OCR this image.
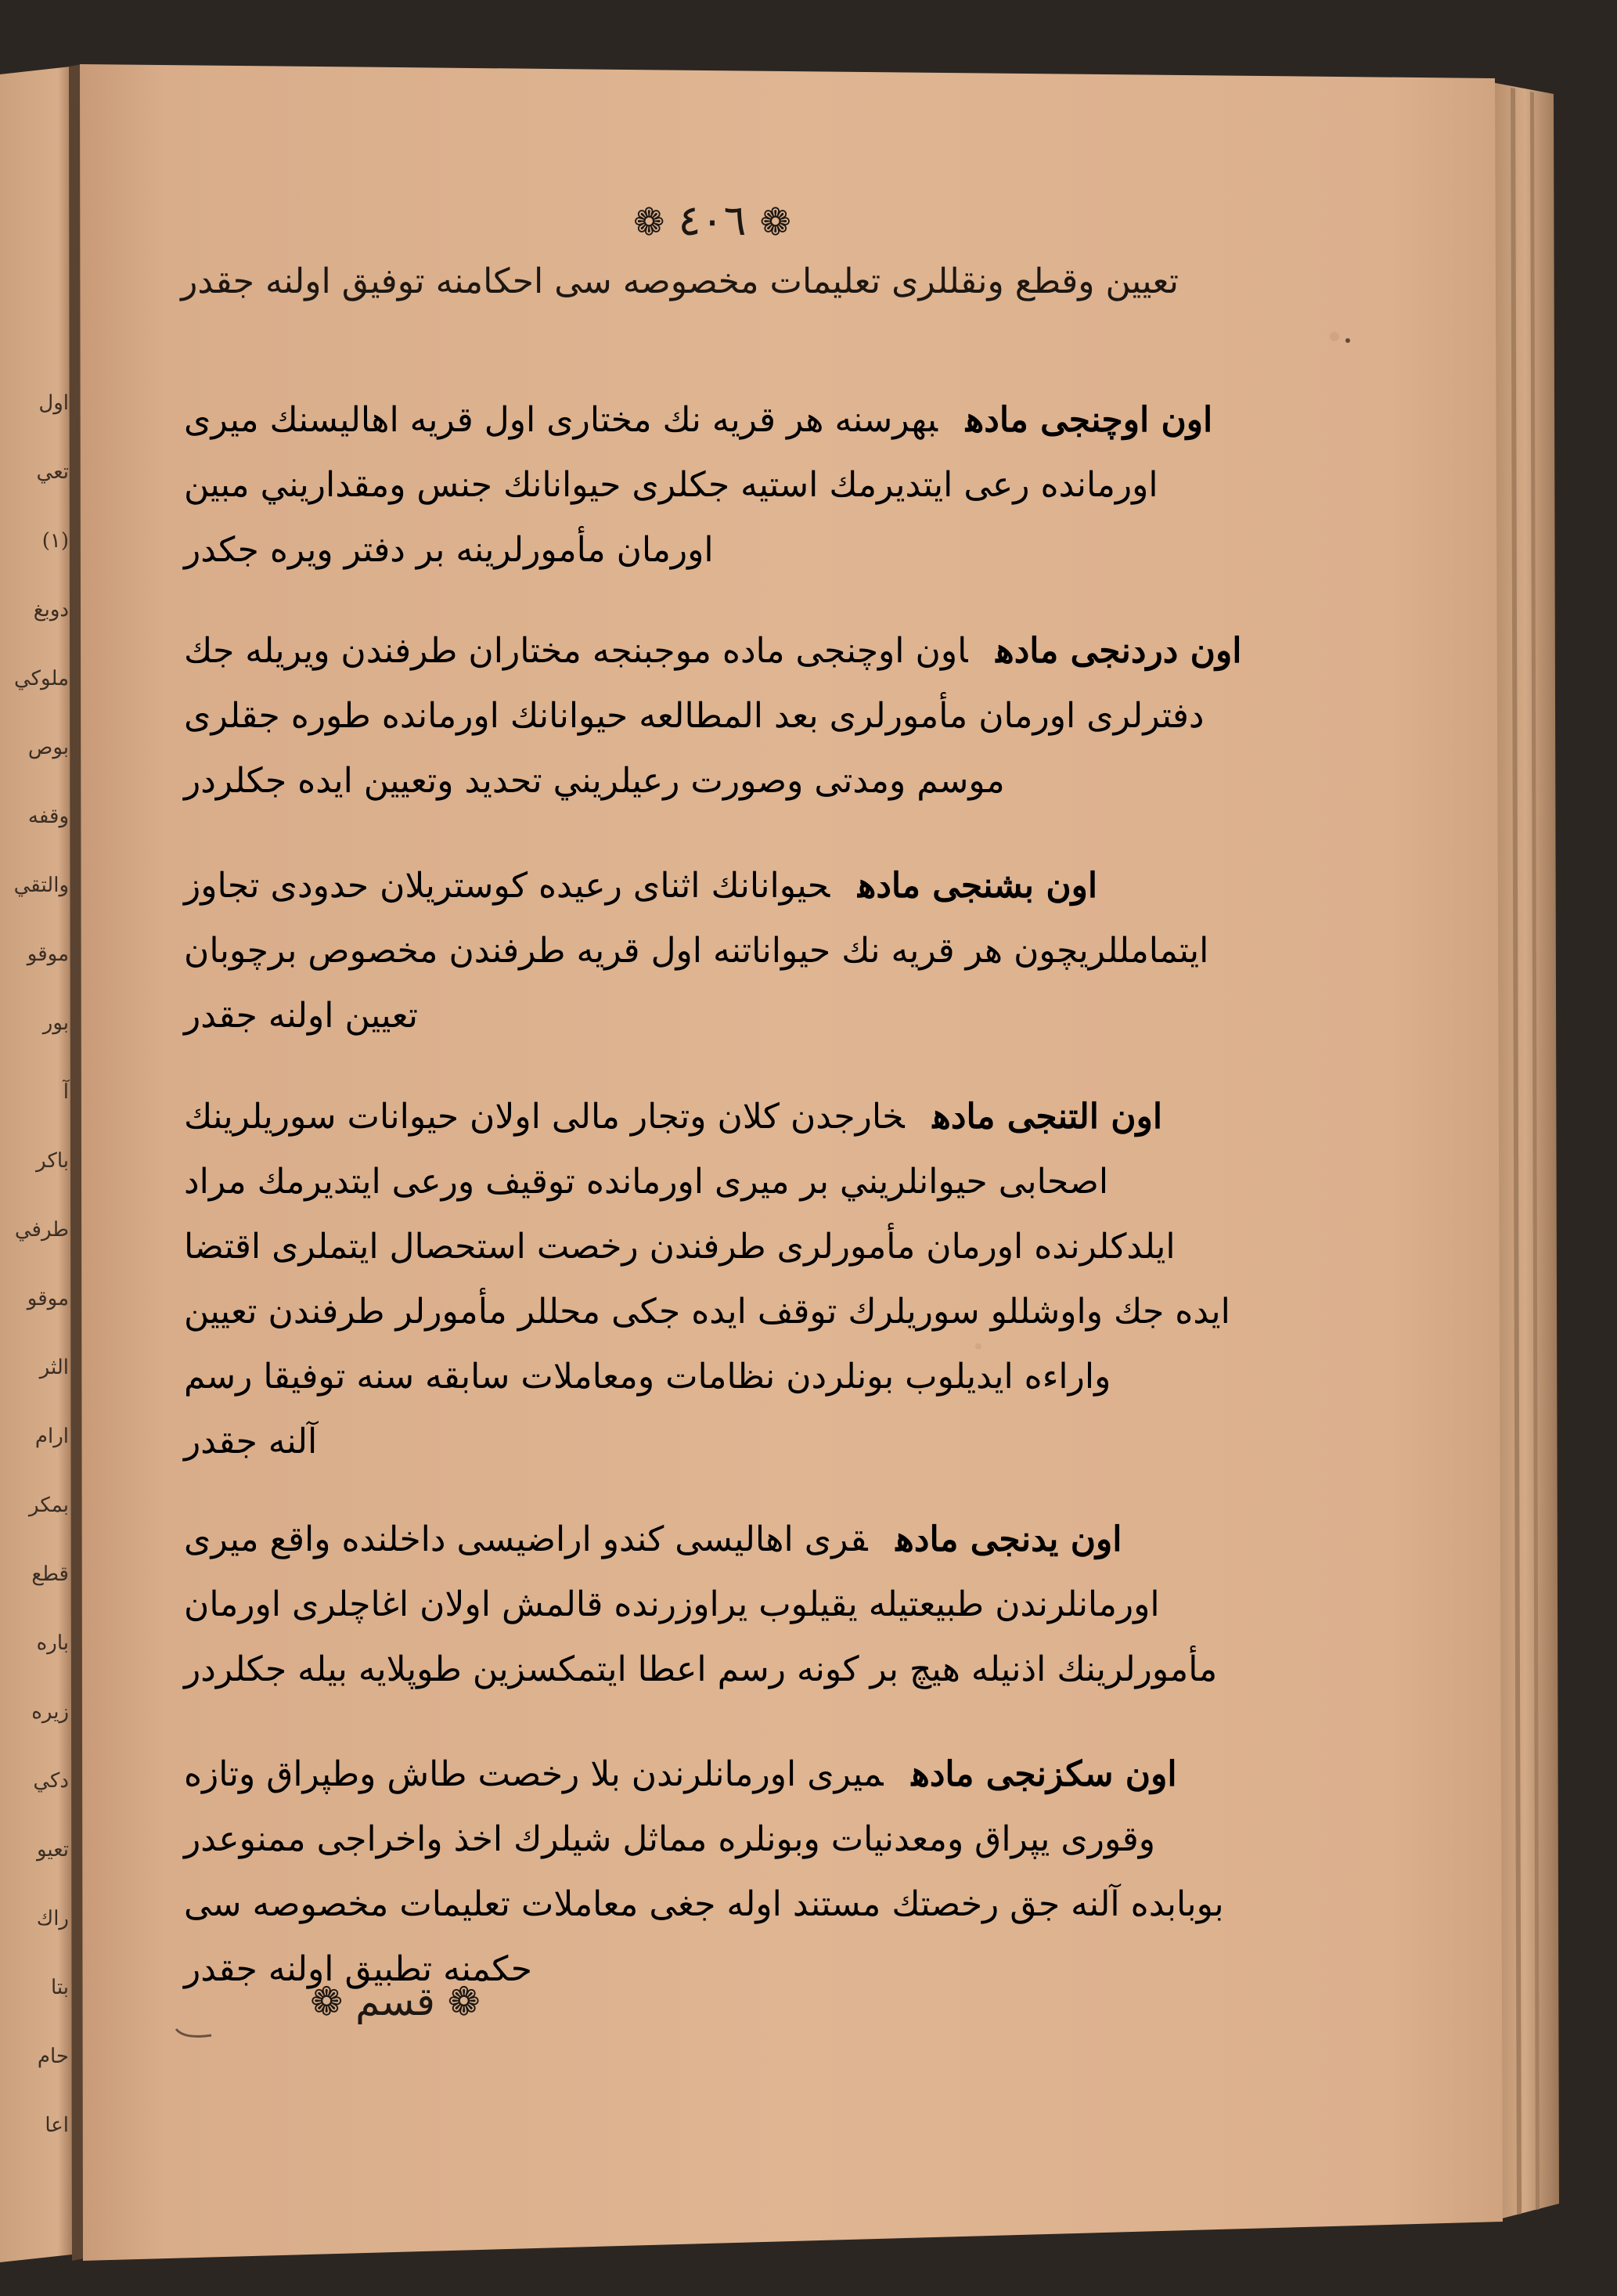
❁ ٤٠٦ ❁
تعيين وقطع ونقللرى تعليمات مخصوصه سى احكامنه توفيق اولنه جقدر
اون اوچنجى مادهبهرسنه هر قريه نك مختارى اول قريه اهاليسنك ميرى
اورمانده رعى ايتديرمك استيه جكلرى حيوانانك جنس ومقداريني مبين
اورمان مأمورلرينه بر دفتر ويره جكدر
اون دردنجى مادهاون اوچنجى ماده موجبنجه مختاران طرفندن ويريله جك
دفترلرى اورمان مأمورلرى بعد المطالعه حيوانانك اورمانده طوره جقلرى
موسم ومدتى وصورت رعيلريني تحديد وتعيين ايده جكلردر
اون بشنجى مادهحيوانانك اثناى رعيده كوستريلان حدودى تجاوز
ايتمامللريچون هر قريه نك حيواناتنه اول قريه طرفندن مخصوص برچوبان
تعيين اولنه جقدر
اون التنجى مادهخارجدن كلان وتجار مالى اولان حيوانات سوريلرينك
اصحابى حيوانلريني بر ميرى اورمانده توقيف ورعى ايتديرمك مراد
ايلدكلرنده اورمان مأمورلرى طرفندن رخصت استحصال ايتملرى اقتضا
ايده جك واوشللو سوريلرك توقف ايده جكى محللر مأمورلر طرفندن تعيين
واراءه ايديلوب بونلردن نظامات ومعاملات سابقه سنه توفيقا رسم
آلنه جقدر
اون يدنجى مادهقرى اهاليسى كندو اراضيسى داخلنده واقع ميرى
اورمانلرندن طبيعتيله يقيلوب يراوزرنده قالمش اولان اغاچلرى اورمان
مأمورلرينك اذنيله هيچ بر كونه رسم اعطا ايتمكسزين طوپلايه بيله جكلردر
اون سكزنجى مادهميرى اورمانلرندن بلا رخصت طاش وطپراق وتازه
وقورى يپراق ومعدنيات وبونلره مماثل شيلرك اخذ واخراجى ممنوعدر
بوبابده آلنه جق رخصتك مستند اوله جغى معاملات تعليمات مخصوصه سى
حكمنه تطبيق اولنه جقدر
❁ قسم ❁
اول
تعي
(١)
دوبغ
ملوكي
بوص
وقفه
والتقي
موقو
بور
آ
باكر
طرفي
موقو
الثر
ارام
بمكر
قطع
باره
زيره
دكي
تعيو
راك
بتا
حام
اعا
